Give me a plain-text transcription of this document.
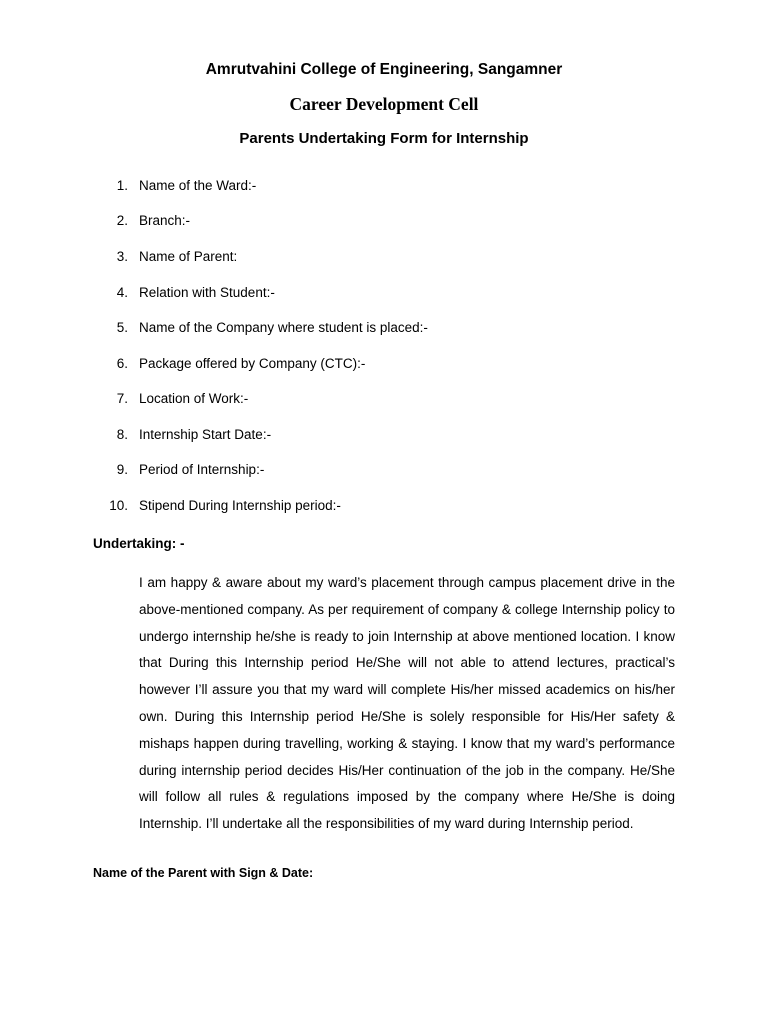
Amrutvahini College of Engineering, Sangamner
Career Development Cell
Parents Undertaking Form for Internship
1. Name of the Ward:-
2. Branch:-
3. Name of Parent:
4. Relation with Student:-
5. Name of the Company where student is placed:-
6. Package offered by Company (CTC):-
7. Location of Work:-
8. Internship Start Date:-
9. Period of Internship:-
10. Stipend During Internship period:-
Undertaking: -

I am happy & aware about my ward’s placement through campus placement drive in the above-mentioned company. As per requirement of company & college Internship policy to undergo internship he/she is ready to join Internship at above mentioned location. I know that During this Internship period He/She will not able to attend lectures, practical’s however I’ll assure you that my ward will complete His/her missed academics on his/her own. During this Internship period He/She is solely responsible for His/Her safety & mishaps happen during travelling, working & staying. I know that my ward’s performance during internship period decides His/Her continuation of the job in the company. He/She will follow all rules & regulations imposed by the company where He/She is doing Internship. I’ll undertake all the responsibilities of my ward during Internship period.

Name of the Parent with Sign & Date:
